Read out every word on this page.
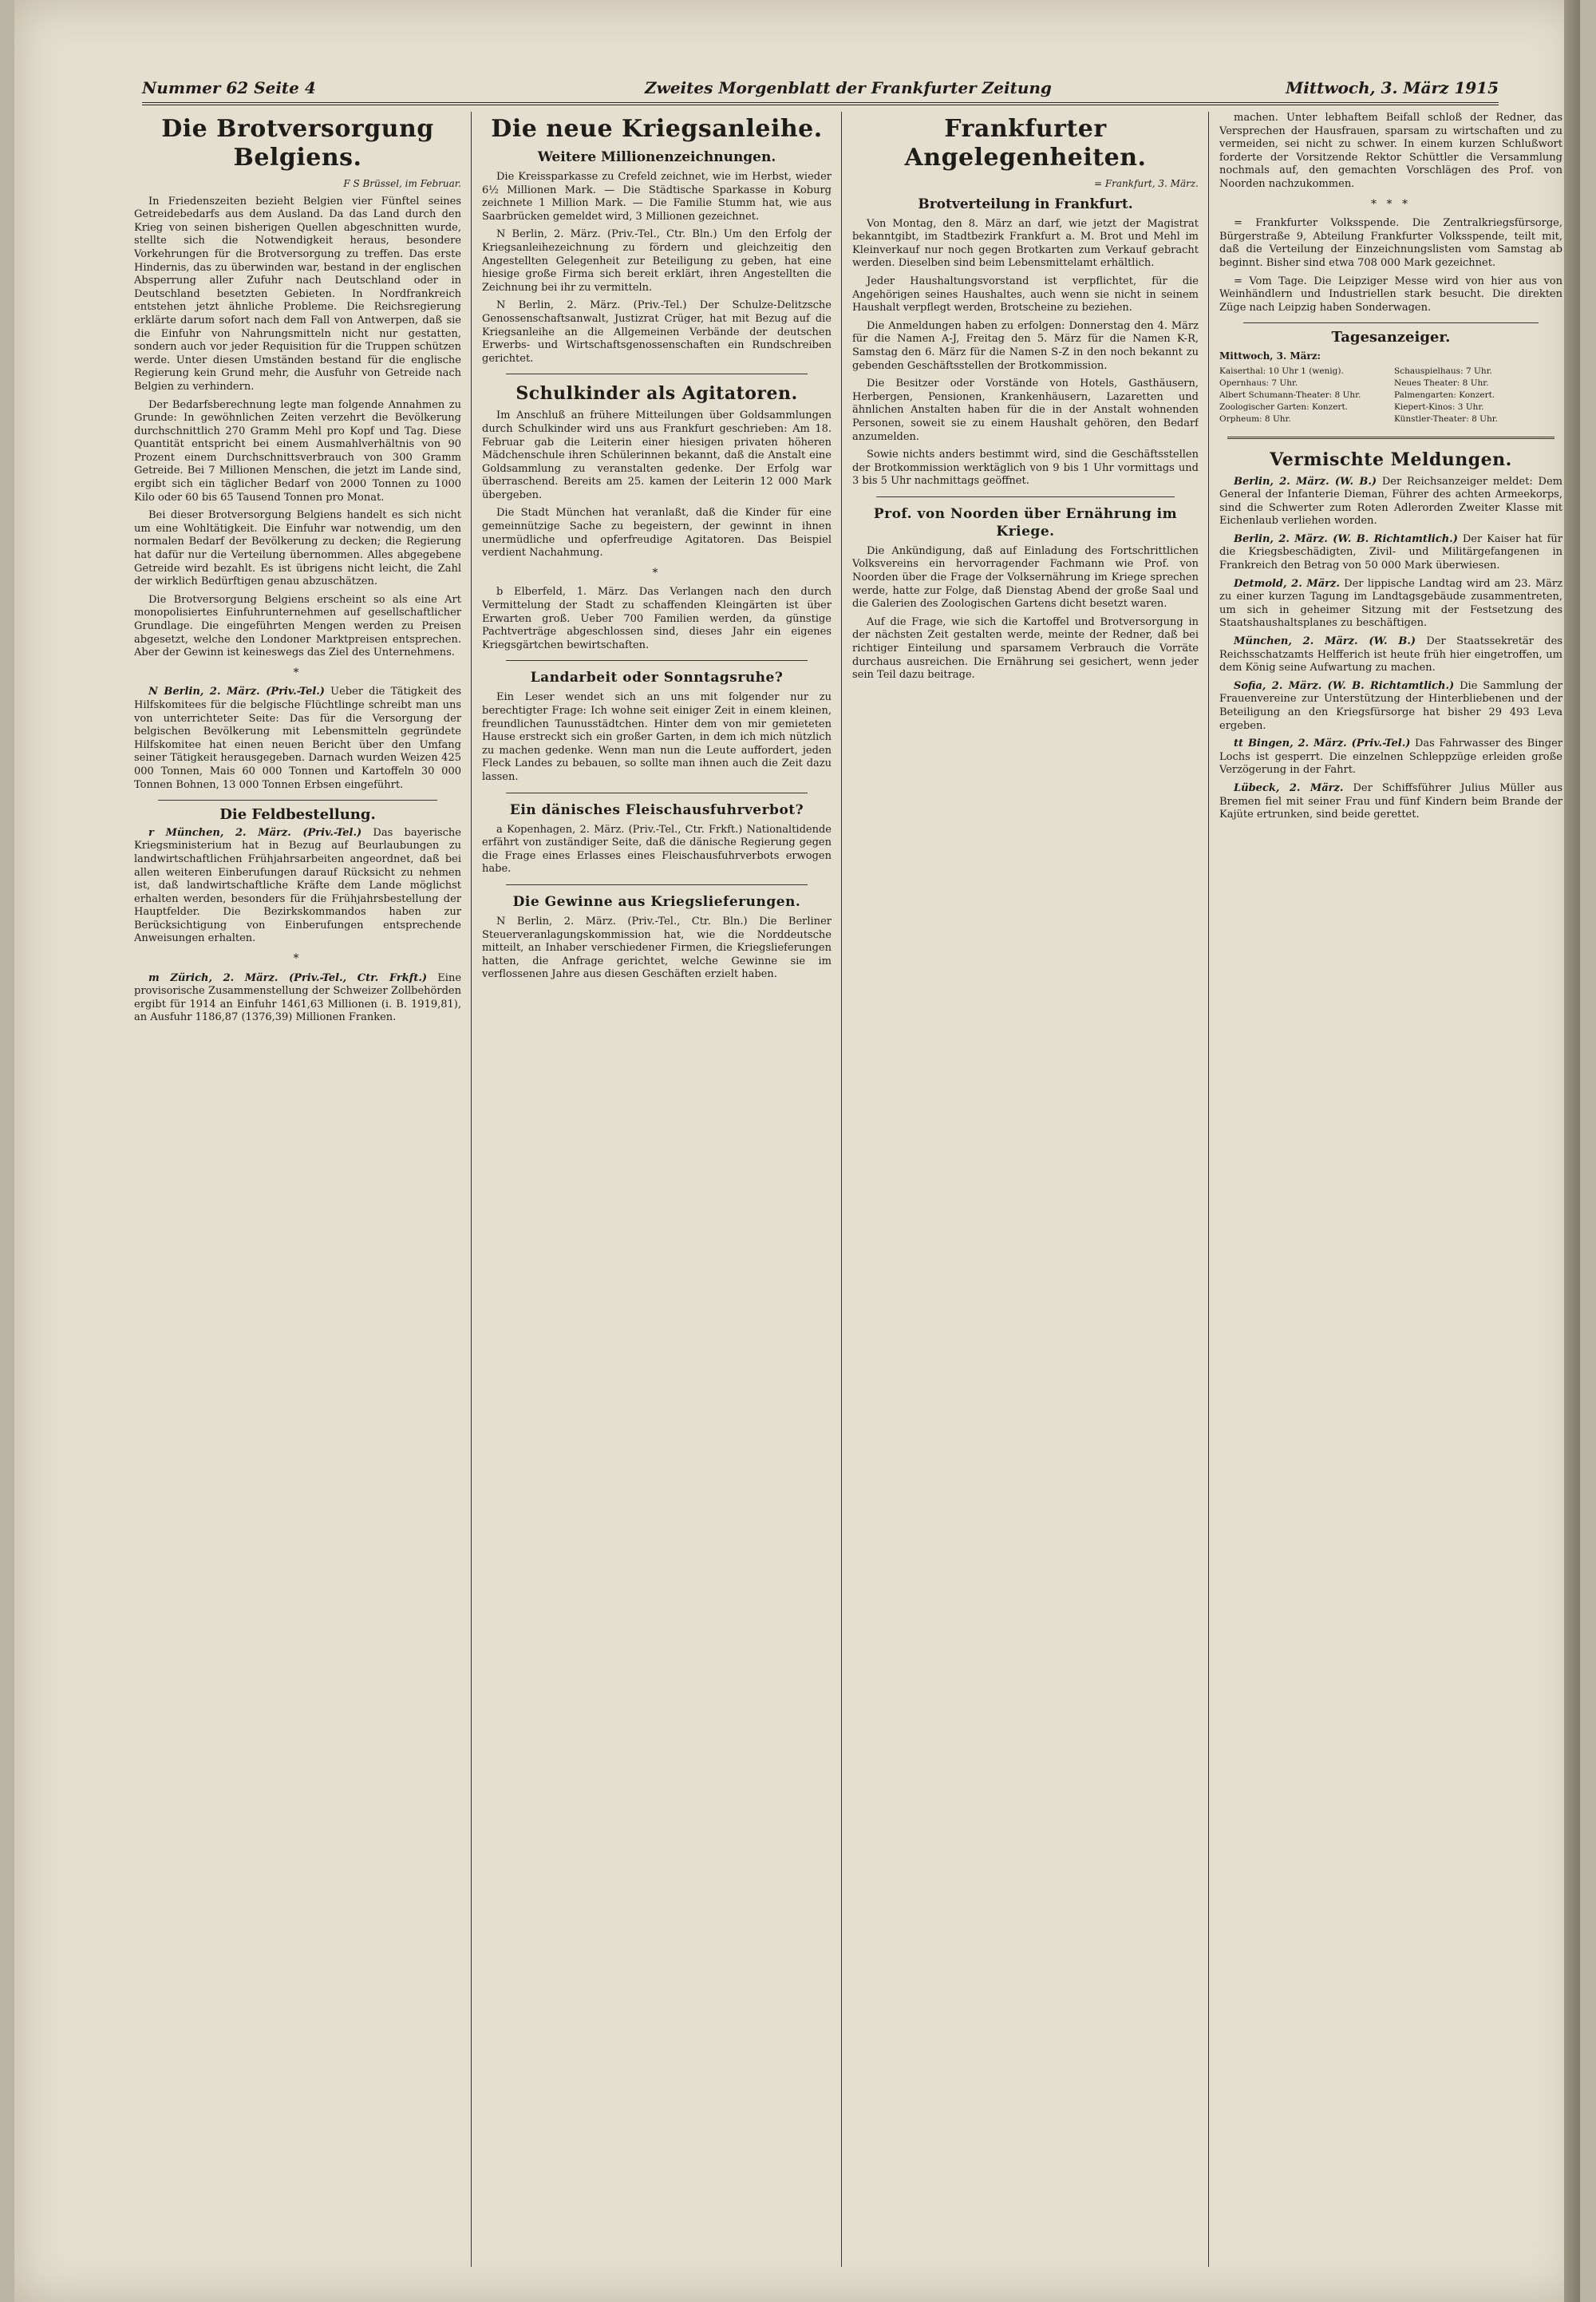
Nummer 62 Seite 4	Zweites Morgenblatt der Frankfurter Zeitung	Mittwoch, 3. März 1915
Die Brotversorgung Belgiens.
F S Brüssel, im Februar.

In Friedenszeiten bezieht Belgien vier Fünftel seines Getreidebedarfs aus dem Ausland. Da das Land durch den Krieg von seinen bisherigen Quellen abgeschnitten wurde, stellte sich die Notwendigkeit heraus, besondere Vorkehrungen für die Brotversorgung zu treffen. Das erste Hindernis, das zu überwinden war, bestand in der englischen Absperrung aller Zufuhr nach Deutschland oder in Deutschland besetzten Gebieten. In Nordfrankreich entstehen jetzt ähnliche Probleme. Die Reichsregierung erklärte darum sofort nach dem Fall von Antwerpen, daß sie die Einfuhr von Nahrungsmitteln nicht nur gestatten, sondern auch vor jeder Requisition für die Truppen schützen werde. Unter diesen Umständen bestand für die englische Regierung kein Grund mehr, die Ausfuhr von Getreide nach Belgien zu verhindern.

Der Bedarfsberechnung legte man folgende Annahmen zu Grunde: In gewöhnlichen Zeiten verzehrt die Bevölkerung durchschnittlich 270 Gramm Mehl pro Kopf und Tag. Diese Quantität entspricht bei einem Ausmahlverhältnis von 90 Prozent einem Durchschnittsverbrauch von 300 Gramm Getreide. Bei 7 Millionen Menschen, die jetzt im Lande sind, ergibt sich ein täglicher Bedarf von 2000 Tonnen zu 1000 Kilo oder 60 bis 65 Tausend Tonnen pro Monat.

Bei dieser Brotversorgung Belgiens handelt es sich nicht um eine Wohltätigkeit. Die Einfuhr war notwendig, um den normalen Bedarf der Bevölkerung zu decken; die Regierung hat dafür nur die Verteilung übernommen. Alles abgegebene Getreide wird bezahlt. Es ist übrigens nicht leicht, die Zahl der wirklich Bedürftigen genau abzuschätzen.

Die Brotversorgung Belgiens erscheint so als eine Art monopolisiertes Einfuhrunternehmen auf gesellschaftlicher Grundlage. Die eingeführten Mengen werden zu Preisen abgesetzt, welche den Londoner Marktpreisen entsprechen. Aber der Gewinn ist keineswegs das Ziel des Unternehmens.

*

N Berlin, 2. März. (Priv.-Tel.) Ueber die Tätigkeit des Hilfskomitees für die belgische Flüchtlinge schreibt man uns von unterrichteter Seite: Das für die Versorgung der belgischen Bevölkerung mit Lebensmitteln gegründete Hilfskomitee hat einen neuen Bericht über den Umfang seiner Tätigkeit herausgegeben. Darnach wurden Weizen 425 000 Tonnen, Mais 60 000 Tonnen und Kartoffeln 30 000 Tonnen Bohnen, 13 000 Tonnen Erbsen eingeführt.

Die Feldbestellung.

r München, 2. März. (Priv.-Tel.) Das bayerische Kriegsministerium hat in Bezug auf Beurlaubungen zu landwirtschaftlichen Frühjahrsarbeiten angeordnet, daß bei allen weiteren Einberufungen darauf Rücksicht zu nehmen ist, daß landwirtschaftliche Kräfte dem Lande möglichst erhalten werden, besonders für die Frühjahrsbestellung der Hauptfelder. Die Bezirkskommandos haben zur Berücksichtigung von Einberufungen entsprechende Anweisungen erhalten.

*

m Zürich, 2. März. (Priv.-Tel., Ctr. Frkft.) Eine provisorische Zusammenstellung der Schweizer Zollbehörden ergibt für 1914 an Einfuhr 1461,63 Millionen (i. B. 1919,81), an Ausfuhr 1186,87 (1376,39) Millionen Franken.

Die neue Kriegsanleihe.
Weitere Millionenzeichnungen.

Die Kreissparkasse zu Crefeld zeichnet, wie im Herbst, wieder 6½ Millionen Mark. — Die Städtische Sparkasse in Koburg zeichnete 1 Million Mark. — Die Familie Stumm hat, wie aus Saarbrücken gemeldet wird, 3 Millionen gezeichnet.

N Berlin, 2. März. (Priv.-Tel., Ctr. Bln.) Um den Erfolg der Kriegsanleihezeichnung zu fördern und gleichzeitig den Angestellten Gelegenheit zur Beteiligung zu geben, hat eine hiesige große Firma sich bereit erklärt, ihren Angestellten die Zeichnung bei ihr zu vermitteln.

N Berlin, 2. März. (Priv.-Tel.) Der Schulze-Delitzsche Genossenschaftsanwalt, Justizrat Crüger, hat mit Bezug auf die Kriegsanleihe an die Allgemeinen Verbände der deutschen Erwerbs- und Wirtschaftsgenossenschaften ein Rundschreiben gerichtet.

Schulkinder als Agitatoren.

Im Anschluß an frühere Mitteilungen über Goldsammlungen durch Schulkinder wird uns aus Frankfurt geschrieben: Am 18. Februar gab die Leiterin einer hiesigen privaten höheren Mädchenschule ihren Schülerinnen bekannt, daß die Anstalt eine Goldsammlung zu veranstalten gedenke. Der Erfolg war überraschend. Bereits am 25. kamen der Leiterin 12 000 Mark übergeben.

Die Stadt München hat veranlaßt, daß die Kinder für eine gemeinnützige Sache zu begeistern, der gewinnt in ihnen unermüdliche und opferfreudige Agitatoren. Das Beispiel verdient Nachahmung.

*

b Elberfeld, 1. März. Das Verlangen nach den durch Vermittelung der Stadt zu schaffenden Kleingärten ist über Erwarten groß. Ueber 700 Familien werden, da günstige Pachtverträge abgeschlossen sind, dieses Jahr ein eigenes Kriegsgärtchen bewirtschaften.

Landarbeit oder Sonntagsruhe?

Ein Leser wendet sich an uns mit folgender nur zu berechtigter Frage: Ich wohne seit einiger Zeit in einem kleinen, freundlichen Taunusstädtchen. Hinter dem von mir gemieteten Hause erstreckt sich ein großer Garten, in dem ich mich nützlich zu machen gedenke. Wenn man nun die Leute auffordert, jeden Fleck Landes zu bebauen, so sollte man ihnen auch die Zeit dazu lassen.

Ein dänisches Fleischausfuhrverbot?

a Kopenhagen, 2. März. (Priv.-Tel., Ctr. Frkft.) Nationaltidende erfährt von zuständiger Seite, daß die dänische Regierung gegen die Frage eines Erlasses eines Fleischausfuhrverbots erwogen habe.

Die Gewinne aus Kriegslieferungen.

N Berlin, 2. März. (Priv.-Tel., Ctr. Bln.) Die Berliner Steuerveranlagungskommission hat, wie die Norddeutsche mitteilt, an Inhaber verschiedener Firmen, die Kriegslieferungen hatten, die Anfrage gerichtet, welche Gewinne sie im verflossenen Jahre aus diesen Geschäften erzielt haben.

Frankfurter Angelegenheiten.
= Frankfurt, 3. März.
Brotverteilung in Frankfurt.

Von Montag, den 8. März an darf, wie jetzt der Magistrat bekanntgibt, im Stadtbezirk Frankfurt a. M. Brot und Mehl im Kleinverkauf nur noch gegen Brotkarten zum Verkauf gebracht werden. Dieselben sind beim Lebensmittelamt erhältlich.

Jeder Haushaltungsvorstand ist verpflichtet, für die Angehörigen seines Haushaltes, auch wenn sie nicht in seinem Haushalt verpflegt werden, Brotscheine zu beziehen.

Die Anmeldungen haben zu erfolgen: Donnerstag den 4. März für die Namen A-J, Freitag den 5. März für die Namen K-R, Samstag den 6. März für die Namen S-Z in den noch bekannt zu gebenden Geschäftsstellen der Brotkommission.

Die Besitzer oder Vorstände von Hotels, Gasthäusern, Herbergen, Pensionen, Krankenhäusern, Lazaretten und ähnlichen Anstalten haben für die in der Anstalt wohnenden Personen, soweit sie zu einem Haushalt gehören, den Bedarf anzumelden.

Sowie nichts anders bestimmt wird, sind die Geschäftsstellen der Brotkommission werktäglich von 9 bis 1 Uhr vormittags und 3 bis 5 Uhr nachmittags geöffnet.

Prof. von Noorden über Ernährung im Kriege.

Die Ankündigung, daß auf Einladung des Fortschrittlichen Volksvereins ein hervorragender Fachmann wie Prof. von Noorden über die Frage der Volksernährung im Kriege sprechen werde, hatte zur Folge, daß Dienstag Abend der große Saal und die Galerien des Zoologischen Gartens dicht besetzt waren.

Auf die Frage, wie sich die Kartoffel und Brotversorgung in der nächsten Zeit gestalten werde, meinte der Redner, daß bei richtiger Einteilung und sparsamem Verbrauch die Vorräte durchaus ausreichen. Die Ernährung sei gesichert, wenn jeder sein Teil dazu beitrage.

machen. Unter lebhaftem Beifall schloß der Redner, das Versprechen der Hausfrauen, sparsam zu wirtschaften und zu vermeiden, sei nicht zu schwer. In einem kurzen Schlußwort forderte der Vorsitzende Rektor Schüttler die Versammlung nochmals auf, den gemachten Vorschlägen des Prof. von Noorden nachzukommen.

* * *

= Frankfurter Volksspende. Die Zentralkriegsfürsorge, Bürgerstraße 9, Abteilung Frankfurter Volksspende, teilt mit, daß die Verteilung der Einzeichnungslisten vom Samstag ab beginnt. Bisher sind etwa 708 000 Mark gezeichnet.

= Vom Tage. Die Leipziger Messe wird von hier aus von Weinhändlern und Industriellen stark besucht. Die direkten Züge nach Leipzig haben Sonderwagen.

Tagesanzeiger.
Mittwoch, 3. März:
Kaiserthal: 10 Uhr 1 (wenig).	Schauspielhaus: 7 Uhr.
Opernhaus: 7 Uhr.	Neues Theater: 8 Uhr.
Albert Schumann-Theater: 8 Uhr.	Palmengarten: Konzert.
Zoologischer Garten: Konzert.	Kiepert-Kinos: 3 Uhr.
Orpheum: 8 Uhr.	Künstler-Theater: 8 Uhr.
Vermischte Meldungen.

Berlin, 2. März. (W. B.) Der Reichsanzeiger meldet: Dem General der Infanterie Dieman, Führer des achten Armeekorps, sind die Schwerter zum Roten Adlerorden Zweiter Klasse mit Eichenlaub verliehen worden.

Berlin, 2. März. (W. B. Richtamtlich.) Der Kaiser hat für die Kriegsbeschädigten, Zivil- und Militärgefangenen in Frankreich den Betrag von 50 000 Mark überwiesen.

Detmold, 2. März. Der lippische Landtag wird am 23. März zu einer kurzen Tagung im Landtagsgebäude zusammentreten, um sich in geheimer Sitzung mit der Festsetzung des Staatshaushaltsplanes zu beschäftigen.

München, 2. März. (W. B.) Der Staatssekretär des Reichsschatzamts Helfferich ist heute früh hier eingetroffen, um dem König seine Aufwartung zu machen.

Sofia, 2. März. (W. B. Richtamtlich.) Die Sammlung der Frauenvereine zur Unterstützung der Hinterbliebenen und der Beteiligung an den Kriegsfürsorge hat bisher 29 493 Leva ergeben.

tt Bingen, 2. März. (Priv.-Tel.) Das Fahrwasser des Binger Lochs ist gesperrt. Die einzelnen Schleppzüge erleiden große Verzögerung in der Fahrt.

Lübeck, 2. März. Der Schiffsführer Julius Müller aus Bremen fiel mit seiner Frau und fünf Kindern beim Brande der Kajüte ertrunken, sind beide gerettet.
